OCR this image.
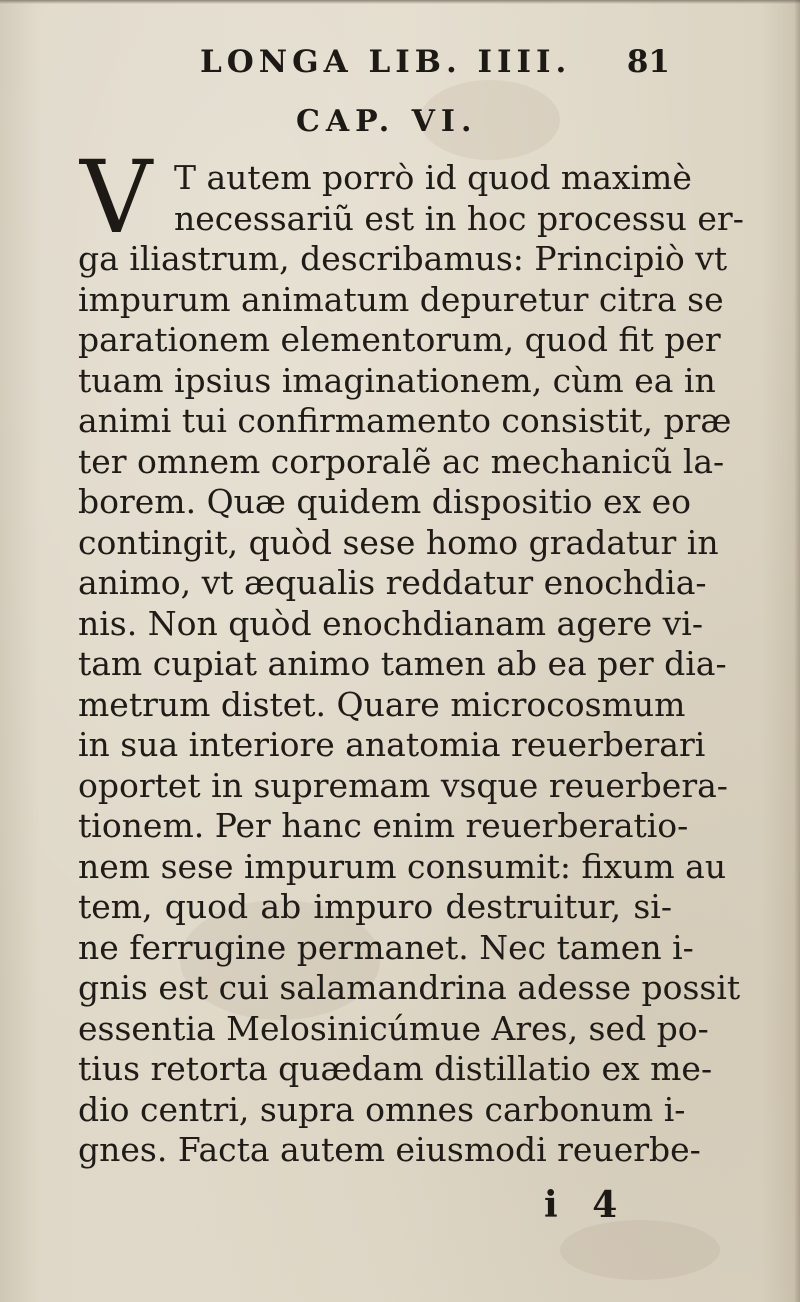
LONGA LIB. IIII. 81
CAP. VI.
V T autem porrò id quod maximè
necessariũ est in hoc processu er-
ga iliastrum, describamus: Principiò vt
impurum animatum depuretur citra se
parationem elementorum, quod fit per
tuam ipsius imaginationem, cùm ea in
animi tui confirmamento consistit, præ
ter omnem corporalẽ ac mechanicũ la-
borem. Quæ quidem dispositio ex eo
contingit, quòd sese homo gradatur in
animo, vt æqualis reddatur enochdia-
nis. Non quòd enochdianam agere vi-
tam cupiat animo tamen ab ea per dia-
metrum distet. Quare microcosmum
in sua interiore anatomia reuerberari
oportet in supremam vsque reuerbera-
tionem. Per hanc enim reuerberatio-
nem sese impurum consumit: fixum au
tem, quod ab impuro destruitur, si-
ne ferrugine permanet. Nec tamen i-
gnis est cui salamandrina adesse possit
essentia Melosinicúmue Ares, sed po-
tius retorta quædam distillatio ex me-
dio centri, supra omnes carbonum i-
gnes. Facta autem eiusmodi reuerbe-
i 4
